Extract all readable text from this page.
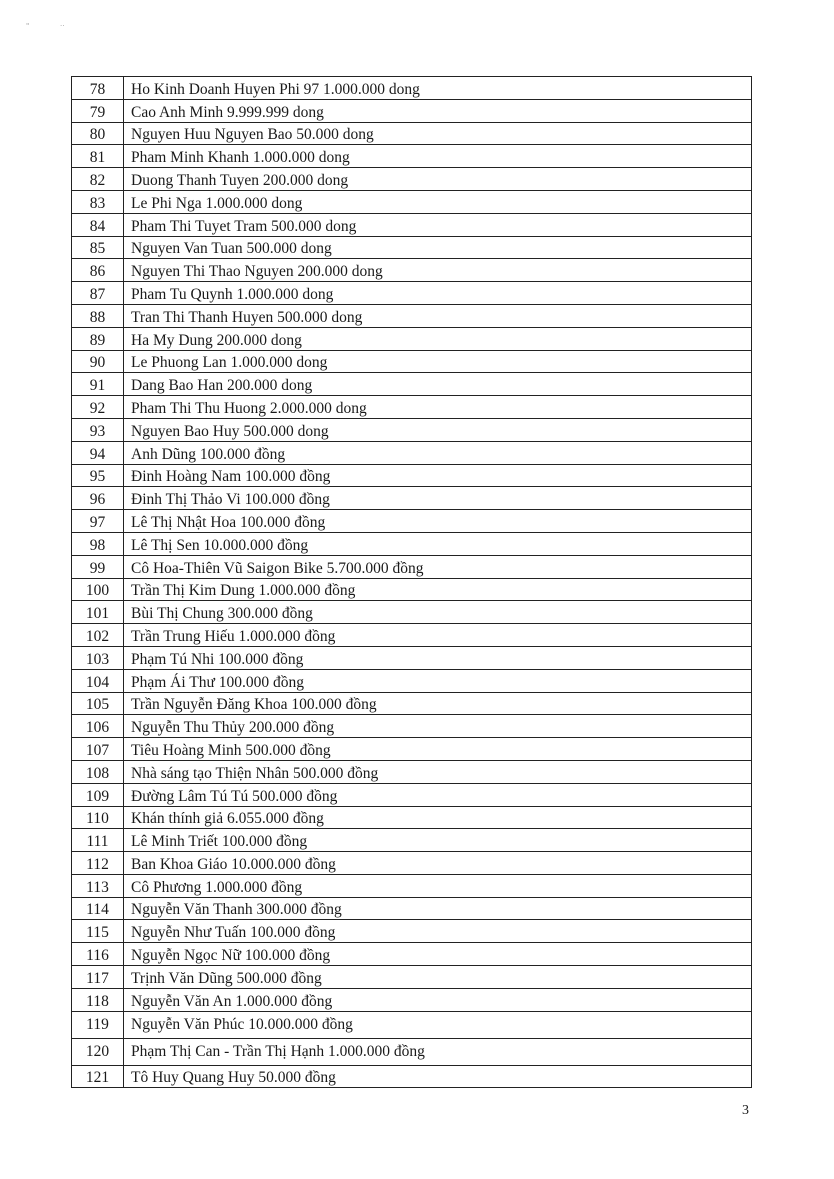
"	··
78	Ho Kinh Doanh Huyen Phi 97 1.000.000 dong
79	Cao Anh Minh 9.999.999 dong
80	Nguyen Huu Nguyen Bao 50.000 dong
81	Pham Minh Khanh 1.000.000 dong
82	Duong Thanh Tuyen 200.000 dong
83	Le Phi Nga 1.000.000 dong
84	Pham Thi Tuyet Tram 500.000 dong
85	Nguyen Van Tuan 500.000 dong
86	Nguyen Thi Thao Nguyen 200.000 dong
87	Pham Tu Quynh 1.000.000 dong
88	Tran Thi Thanh Huyen 500.000 dong
89	Ha My Dung 200.000 dong
90	Le Phuong Lan 1.000.000 dong
91	Dang Bao Han 200.000 dong
92	Pham Thi Thu Huong 2.000.000 dong
93	Nguyen Bao Huy 500.000 dong
94	Anh Dũng 100.000 đồng
95	Đinh Hoàng Nam 100.000 đồng
96	Đinh Thị Thảo Vi 100.000 đồng
97	Lê Thị Nhật Hoa 100.000 đồng
98	Lê Thị Sen 10.000.000 đồng
99	Cô Hoa-Thiên Vũ Saigon Bike 5.700.000 đồng
100	Trần Thị Kim Dung 1.000.000 đồng
101	Bùi Thị Chung 300.000 đồng
102	Trần Trung Hiếu 1.000.000 đồng
103	Phạm Tú Nhi 100.000 đồng
104	Phạm Ái Thư 100.000 đồng
105	Trần Nguyễn Đăng Khoa 100.000 đồng
106	Nguyễn Thu Thủy 200.000 đồng
107	Tiêu Hoàng Minh 500.000 đồng
108	Nhà sáng tạo Thiện Nhân 500.000 đồng
109	Đường Lâm Tú Tú 500.000 đồng
110	Khán thính giả 6.055.000 đồng
111	Lê Minh Triết 100.000 đồng
112	Ban Khoa Giáo 10.000.000 đồng
113	Cô Phương 1.000.000 đồng
114	Nguyễn Văn Thanh 300.000 đồng
115	Nguyễn Như Tuấn 100.000 đồng
116	Nguyễn Ngọc Nữ 100.000 đồng
117	Trịnh Văn Dũng 500.000 đồng
118	Nguyễn Văn An 1.000.000 đồng
119	Nguyễn Văn Phúc 10.000.000 đồng
120	Phạm Thị Can - Trần Thị Hạnh 1.000.000 đồng
121	Tô Huy Quang Huy 50.000 đồng
3
